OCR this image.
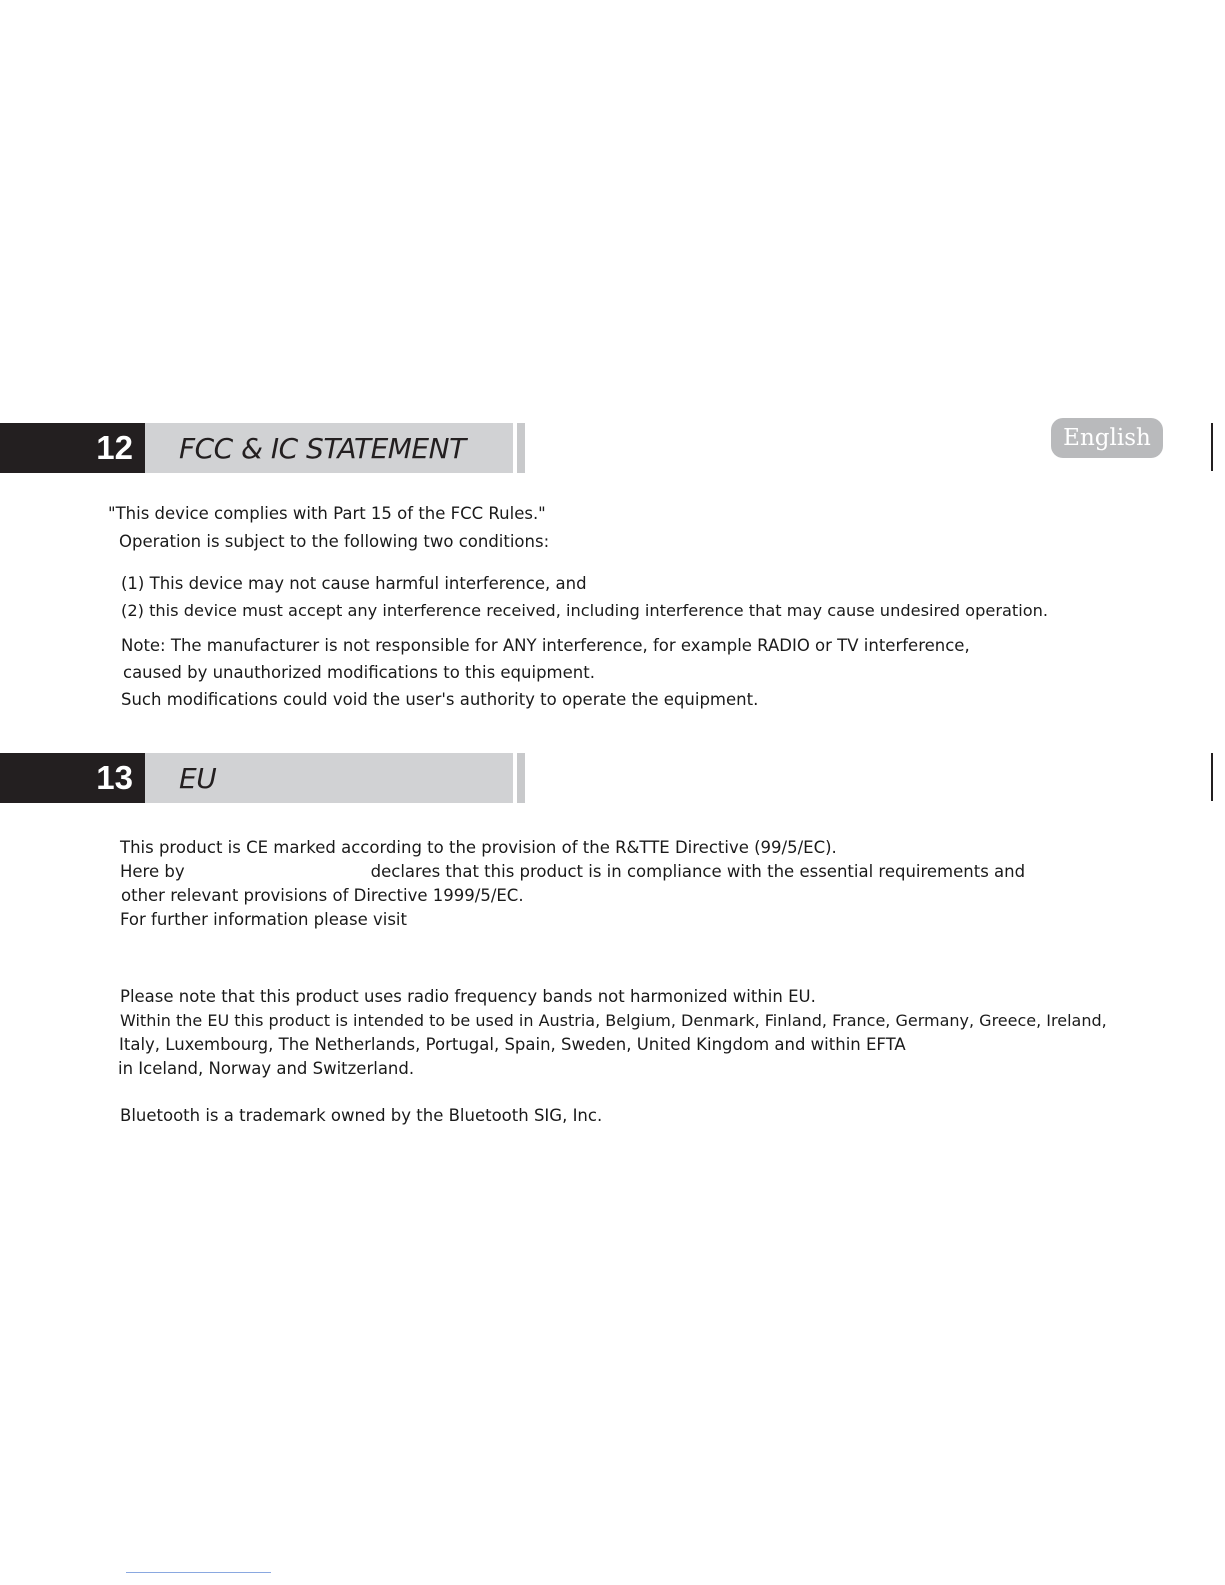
12 FCC & IC STATEMENT	English
"This device complies with Part 15 of the FCC Rules."
Operation is subject to the following two conditions:
(1) This device may not cause harmful interference, and
(2) this device must accept any interference received, including interference that may cause undesired operation.
Note: The manufacturer is not responsible for ANY interference, for example RADIO or TV interference,
caused by unauthorized modifications to this equipment.
Such modifications could void the user's authority to operate the equipment.
13 EU
This product is CE marked according to the provision of the R&TTE Directive (99/5/EC).
Here by	declares that this product is in compliance with the essential requirements and
other relevant provisions of Directive 1999/5/EC.
For further information please visit
Please note that this product uses radio frequency bands not harmonized within EU.
Within the EU this product is intended to be used in Austria, Belgium, Denmark, Finland, France, Germany, Greece, Ireland,
Italy, Luxembourg, The Netherlands, Portugal, Spain, Sweden, United Kingdom and within EFTA
in Iceland, Norway and Switzerland.
Bluetooth is a trademark owned by the Bluetooth SIG, Inc.
